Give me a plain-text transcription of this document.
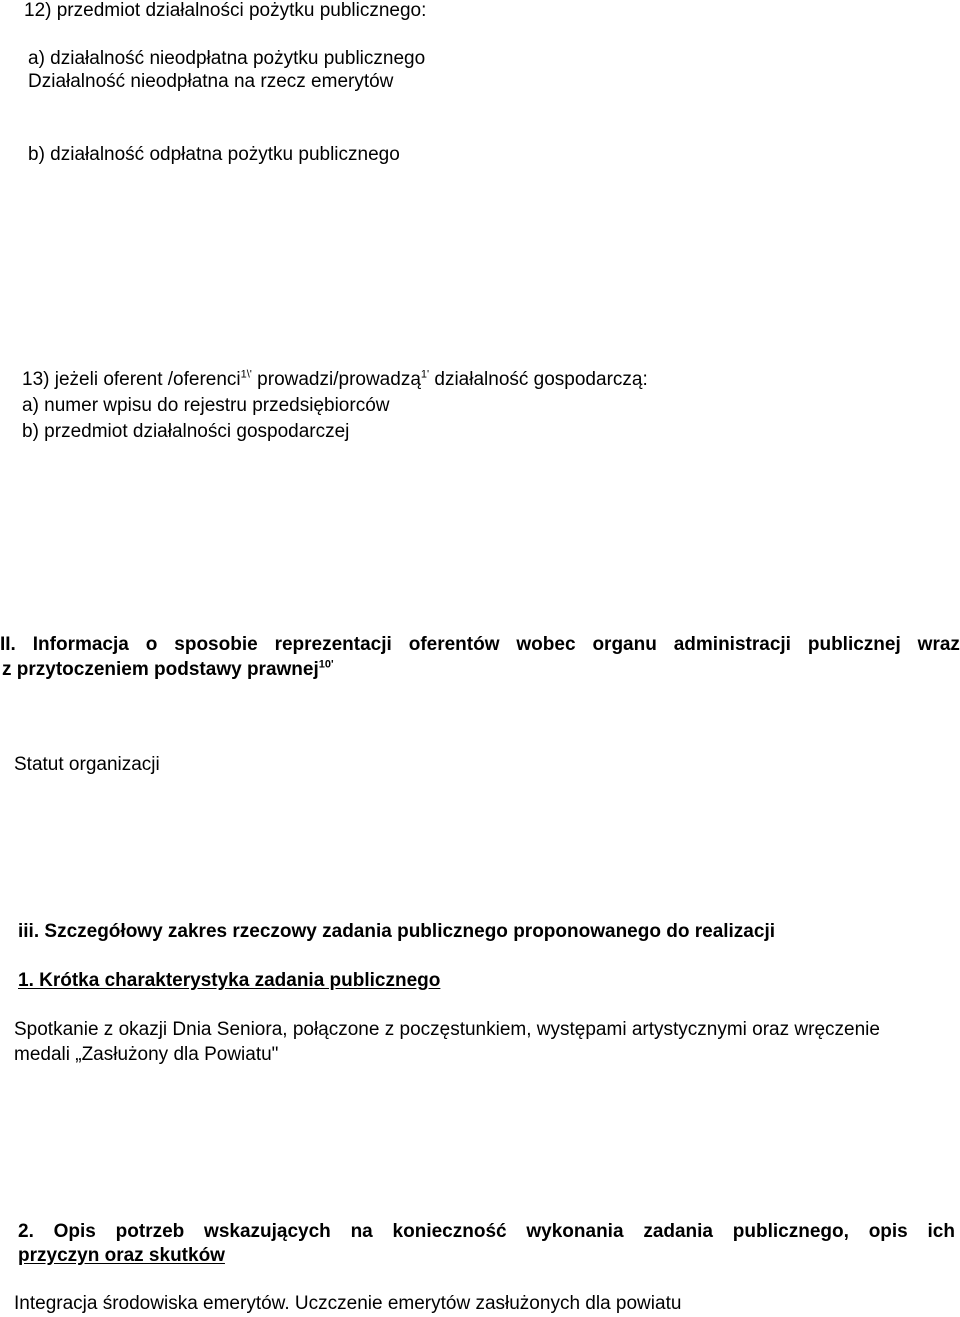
12) przedmiot działalności pożytku publicznego:
a) działalność nieodpłatna pożytku publicznego
Działalność nieodpłatna na rzecz emerytów
b) działalność odpłatna pożytku publicznego
13) jeżeli oferent /oferenci$^{1\backslash'}$ prowadzi/prowadzą$^{1'}$ działalność gospodarczą:
a) numer wpisu do rejestru przedsiębiorców
b) przedmiot działalności gospodarczej
II. Informacja o sposobie reprezentacji oferentów wobec organu administracji publicznej wraz
z przytoczeniem podstawy prawnej$^{10'}$
Statut organizacji
iii. Szczegółowy zakres rzeczowy zadania publicznego proponowanego do realizacji
1. Krótka charakterystyka zadania publicznego
Spotkanie z okazji Dnia Seniora, połączone z poczęstunkiem, występami artystycznymi oraz wręczenie
medali „Zasłużony dla Powiatu"
2. Opis potrzeb wskazujących na konieczność wykonania zadania publicznego, opis ich
przyczyn oraz skutków
Integracja środowiska emerytów. Uczczenie emerytów zasłużonych dla powiatu
